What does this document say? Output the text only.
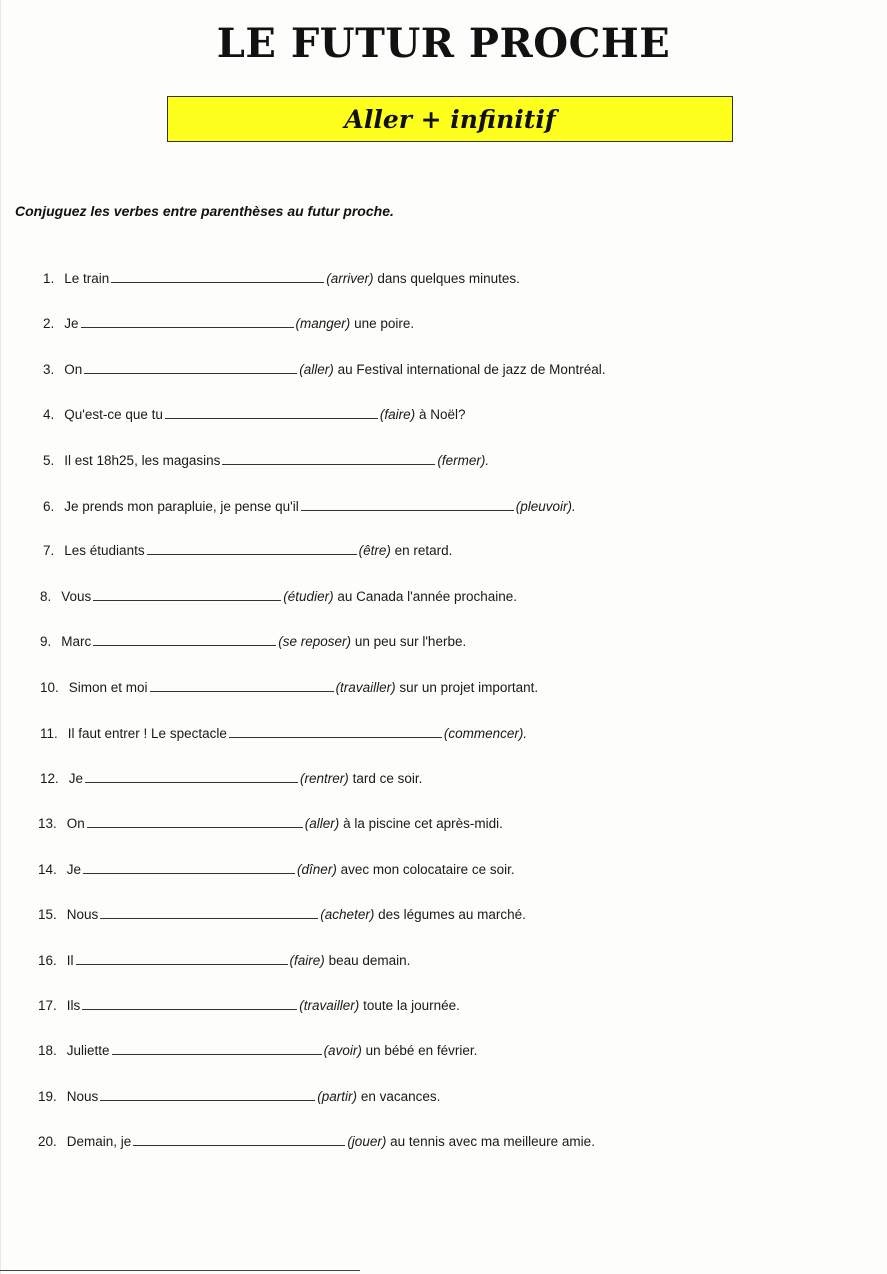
LE FUTUR PROCHE
Aller + infinitif
Conjuguez les verbes entre parenthèses au futur proche.
1. Le train	(arriver) dans quelques minutes.
2. Je	(manger) une poire.
3. On	(aller) au Festival international de jazz de Montréal.
4. Qu'est-ce que tu	(faire) à Noël?
5. Il est 18h25, les magasins	(fermer).
6. Je prends mon parapluie, je pense qu'il	(pleuvoir).
7. Les étudiants	(être) en retard.
8. Vous	(étudier) au Canada l'année prochaine.
9. Marc	(se reposer) un peu sur l'herbe.
10. Simon et moi	(travailler) sur un projet important.
11. Il faut entrer ! Le spectacle	(commencer).
12. Je	(rentrer) tard ce soir.
13. On	(aller) à la piscine cet après-midi.
14. Je	(dîner) avec mon colocataire ce soir.
15. Nous	(acheter) des légumes au marché.
16. Il	(faire) beau demain.
17. Ils	(travailler) toute la journée.
18. Juliette	(avoir) un bébé en février.
19. Nous	(partir) en vacances.
20. Demain, je	(jouer) au tennis avec ma meilleure amie.
